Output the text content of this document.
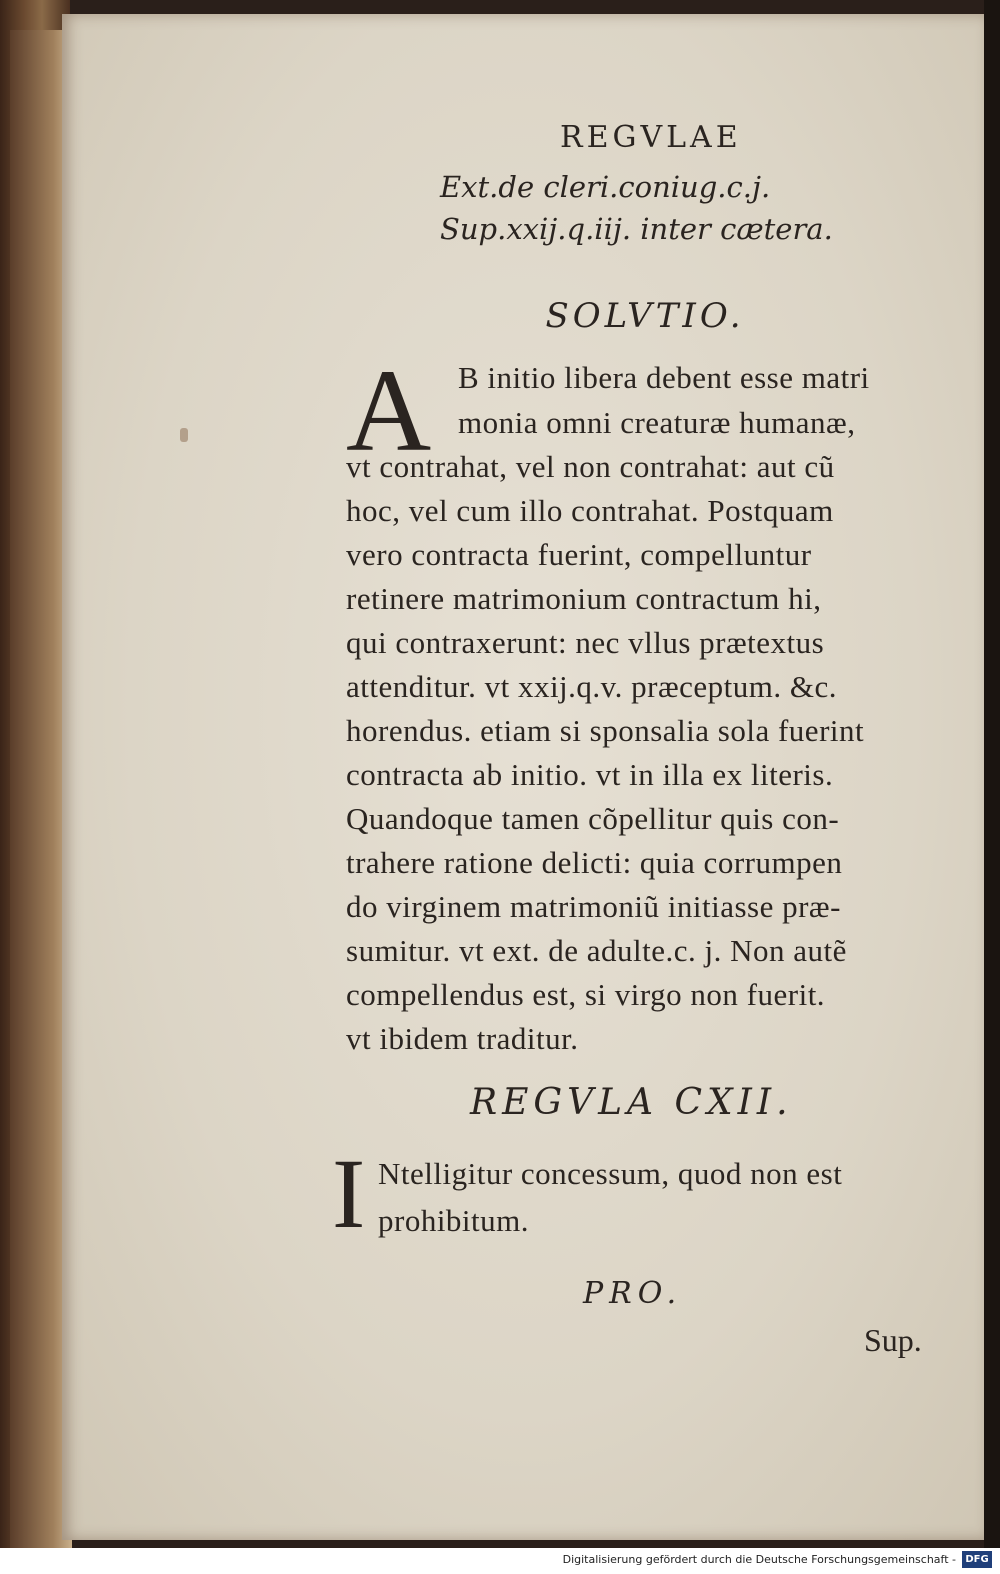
REGVLAE
Ext.de cleri.coniug.c.j.
Sup.xxij.q.iij. inter cætera.
SOLVTIO.
A B initio libera debent esse matri
monia omni creaturæ humanæ,
vt contrahat, vel non contrahat: aut cũ
hoc, vel cum illo contrahat. Postquam
vero contracta fuerint, compelluntur
retinere matrimonium contractum hi,
qui contraxerunt: nec vllus prætextus
attenditur. vt xxij.q.v. præceptum. &c.
horendus. etiam si sponsalia sola fuerint
contracta ab initio. vt in illa ex literis.
Quandoque tamen cõpellitur quis con-
trahere ratione delicti: quia corrumpen
do virginem matrimoniũ initiasse præ-
sumitur. vt ext. de adulte.c. j. Non autẽ
compellendus est, si virgo non fuerit.
vt ibidem traditur.
REGVLA CXII.
I Ntelligitur concessum, quod non est
prohibitum.
PRO.
Sup.
Digitalisierung gefördert durch die Deutsche Forschungsgemeinschaft - DFG
